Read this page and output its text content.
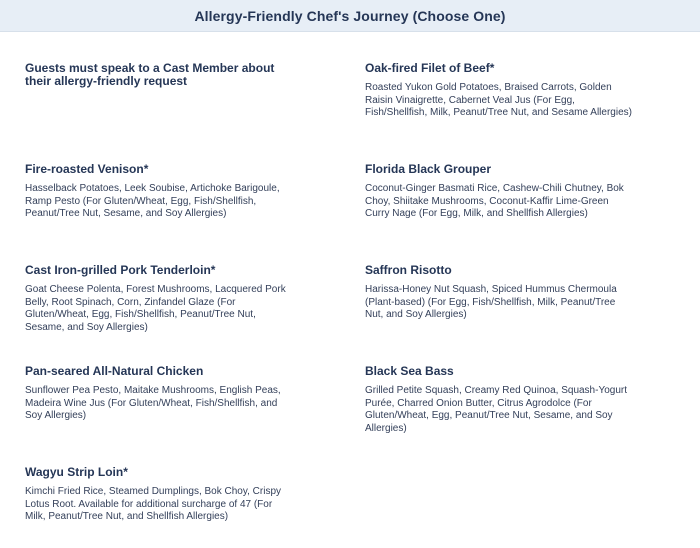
Allergy-Friendly Chef's Journey (Choose One)

Guests must speak to a Cast Member about their allergy-friendly request

Fire-roasted Venison*

Hasselback Potatoes, Leek Soubise, Artichoke Barigoule, Ramp Pesto (For Gluten/Wheat, Egg, Fish/Shellfish, Peanut/Tree Nut, Sesame, and Soy Allergies)

Cast Iron-grilled Pork Tenderloin*

Goat Cheese Polenta, Forest Mushrooms, Lacquered Pork Belly, Root Spinach, Corn, Zinfandel Glaze (For Gluten/Wheat, Egg, Fish/Shellfish, Peanut/Tree Nut, Sesame, and Soy Allergies)

Pan-seared All-Natural Chicken

Sunflower Pea Pesto, Maitake Mushrooms, English Peas, Madeira Wine Jus (For Gluten/Wheat, Fish/Shellfish, and Soy Allergies)

Wagyu Strip Loin*

Kimchi Fried Rice, Steamed Dumplings, Bok Choy, Crispy Lotus Root. Available for additional surcharge of 47 (For Milk, Peanut/Tree Nut, and Shellfish Allergies)

Oak-fired Filet of Beef*

Roasted Yukon Gold Potatoes, Braised Carrots, Golden Raisin Vinaigrette, Cabernet Veal Jus (For Egg, Fish/Shellfish, Milk, Peanut/Tree Nut, and Sesame Allergies)

Florida Black Grouper

Coconut-Ginger Basmati Rice, Cashew-Chili Chutney, Bok Choy, Shiitake Mushrooms, Coconut-Kaffir Lime-Green Curry Nage (For Egg, Milk, and Shellfish Allergies)

Saffron Risotto

Harissa-Honey Nut Squash, Spiced Hummus Chermoula (Plant-based) (For Egg, Fish/Shellfish, Milk, Peanut/Tree Nut, and Soy Allergies)

Black Sea Bass

Grilled Petite Squash, Creamy Red Quinoa, Squash-Yogurt Purée, Charred Onion Butter, Citrus Agrodolce (For Gluten/Wheat, Egg, Peanut/Tree Nut, Sesame, and Soy Allergies)
